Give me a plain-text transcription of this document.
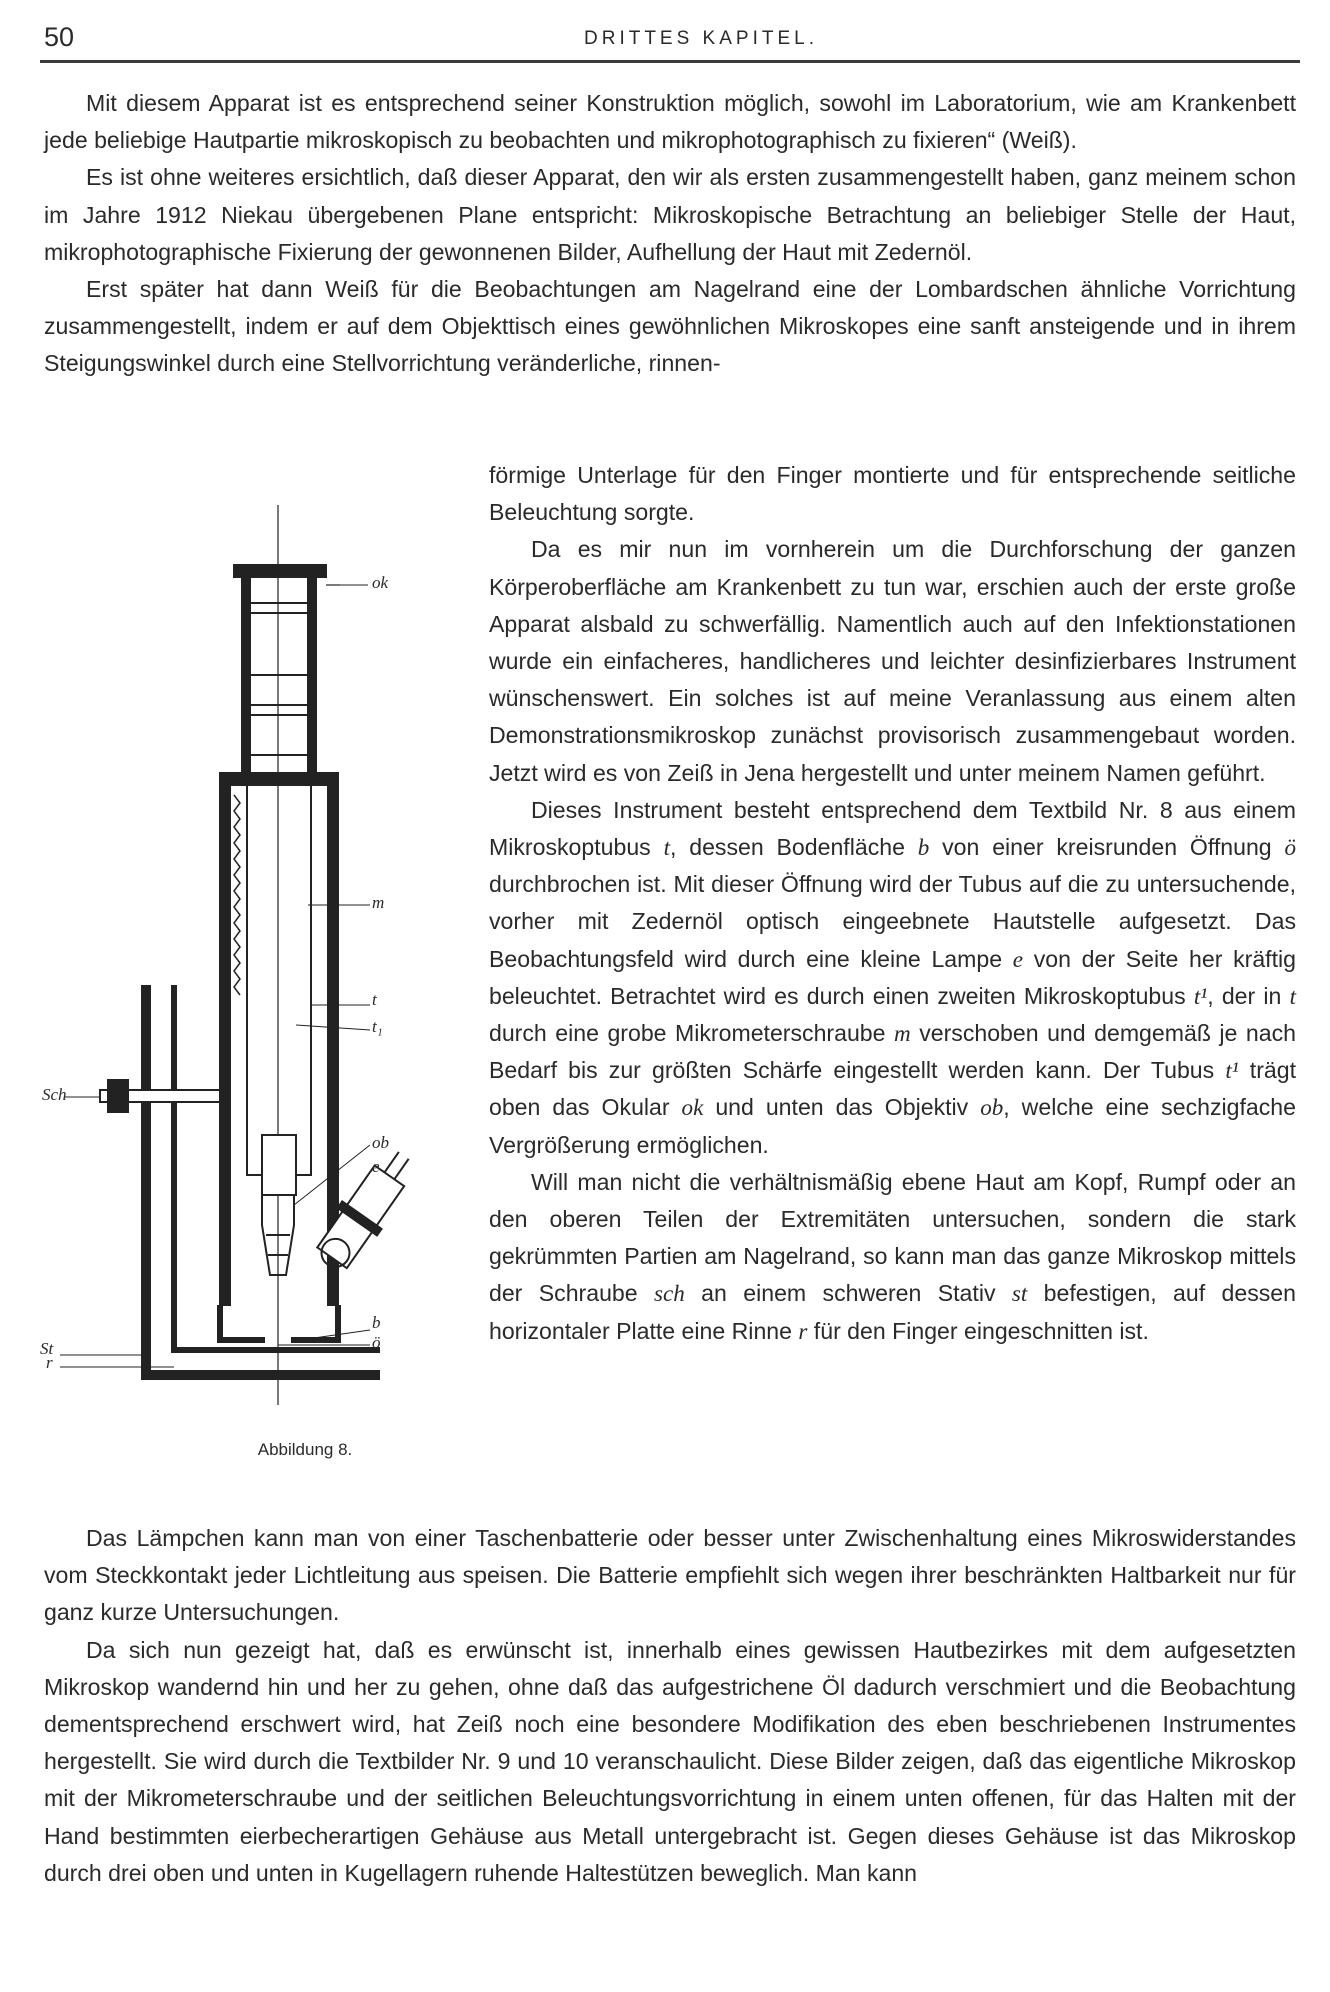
50	DRITTES KAPITEL.

Mit diesem Apparat ist es entsprechend seiner Konstruktion möglich, sowohl im Laboratorium, wie am Krankenbett jede beliebige Hautpartie mikroskopisch zu beobachten und mikrophotographisch zu fixieren“ (Weiß).

Es ist ohne weiteres ersichtlich, daß dieser Apparat, den wir als ersten zusammengestellt haben, ganz meinem schon im Jahre 1912 Niekau übergebenen Plane entspricht: Mikroskopische Betrachtung an beliebiger Stelle der Haut, mikrophotographische Fixierung der gewonnenen Bilder, Aufhellung der Haut mit Zedernöl.

Erst später hat dann Weiß für die Beobachtungen am Nagelrand eine der Lombardschen ähnliche Vorrichtung zusammengestellt, indem er auf dem Objekttisch eines gewöhnlichen Mikroskopes eine sanft ansteigende und in ihrem Steigungswinkel durch eine Stellvorrichtung veränderliche, rinnen-

förmige Unterlage für den Finger montierte und für entsprechende seitliche Beleuchtung sorgte.

Da es mir nun im vornherein um die Durchforschung der ganzen Körperoberfläche am Krankenbett zu tun war, erschien auch der erste große Apparat alsbald zu schwerfällig. Namentlich auch auf den Infektionstationen wurde ein einfacheres, handlicheres und leichter desinfizierbares Instrument wünschenswert. Ein solches ist auf meine Veranlassung aus einem alten Demonstrationsmikroskop zunächst provisorisch zusammengebaut worden. Jetzt wird es von Zeiß in Jena hergestellt und unter meinem Namen geführt.

Dieses Instrument besteht entsprechend dem Textbild Nr. 8 aus einem Mikroskoptubus t, dessen Bodenfläche b von einer kreisrunden Öffnung ö durchbrochen ist. Mit dieser Öffnung wird der Tubus auf die zu untersuchende, vorher mit Zedernöl optisch eingeebnete Hautstelle aufgesetzt. Das Beobachtungsfeld wird durch eine kleine Lampe e von der Seite her kräftig beleuchtet. Betrachtet wird es durch einen zweiten Mikroskoptubus t¹, der in t durch eine grobe Mikrometerschraube m verschoben und demgemäß je nach Bedarf bis zur größten Schärfe eingestellt werden kann. Der Tubus t¹ trägt oben das Okular ok und unten das Objektiv ob, welche eine sechzigfache Vergrößerung ermöglichen.

Will man nicht die verhältnismäßig ebene Haut am Kopf, Rumpf oder an den oberen Teilen der Extremitäten untersuchen, sondern die stark gekrümmten Partien am Nagelrand, so kann man das ganze Mikroskop mittels der Schraube sch an einem schweren Stativ st befestigen, auf dessen horizontaler Platte eine Rinne r für den Finger eingeschnitten ist.

Das Lämpchen kann man von einer Taschenbatterie oder besser unter Zwischenhaltung eines Mikroswiderstandes vom Steckkontakt jeder Lichtleitung aus speisen. Die Batterie empfiehlt sich wegen ihrer beschränkten Haltbarkeit nur für ganz kurze Untersuchungen.

Da sich nun gezeigt hat, daß es erwünscht ist, innerhalb eines gewissen Hautbezirkes mit dem aufgesetzten Mikroskop wandernd hin und her zu gehen, ohne daß das aufgestrichene Öl dadurch verschmiert und die Beobachtung dementsprechend erschwert wird, hat Zeiß noch eine besondere Modifikation des eben beschriebenen Instrumentes hergestellt. Sie wird durch die Textbilder Nr. 9 und 10 veranschaulicht. Diese Bilder zeigen, daß das eigentliche Mikroskop mit der Mikrometerschraube und der seitlichen Beleuchtungsvorrichtung in einem unten offenen, für das Halten mit der Hand bestimmten eierbecherartigen Gehäuse aus Metall untergebracht ist. Gegen dieses Gehäuse ist das Mikroskop durch drei oben und unten in Kugellagern ruhende Haltestützen beweglich. Man kann

ok
m
t
t₁
ob
e
b
ö
Sch
St
r
Abbildung 8.
